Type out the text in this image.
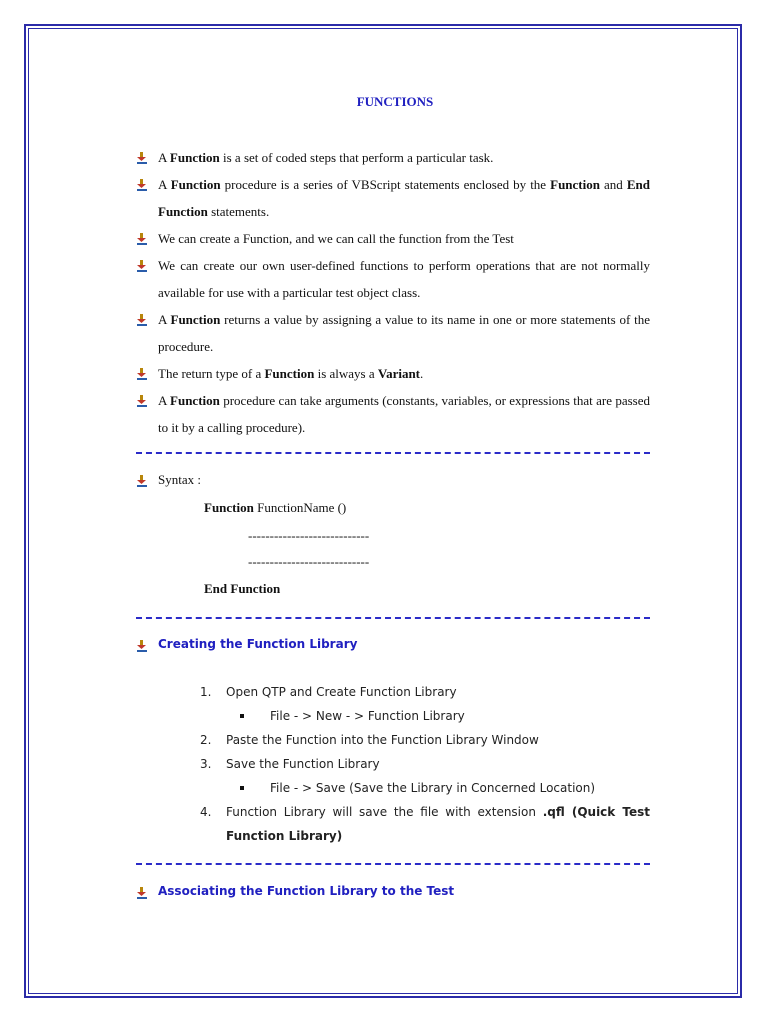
FUNCTIONS
A Function is a set of coded steps that perform a particular task.
A Function procedure is a series of VBScript statements enclosed by the Function and End Function statements.
We can create a Function, and we can call the function from the Test
We can create our own user-defined functions to perform operations that are not normally available for use with a particular test object class.
A Function returns a value by assigning a value to its name in one or more statements of the procedure.
The return type of a Function is always a Variant.
A Function procedure can take arguments (constants, variables, or expressions that are passed to it by a calling procedure).
Syntax :
Function FunctionName ()
----------------------------
----------------------------
End Function
Creating the Function Library
1. Open QTP and Create Function Library
File - > New - > Function Library
2. Paste the Function into the Function Library Window
3. Save the Function Library
File - > Save (Save the Library in Concerned Location)
4. Function Library will save the file with extension .qfl (Quick Test Function Library)
Associating the Function Library to the Test
